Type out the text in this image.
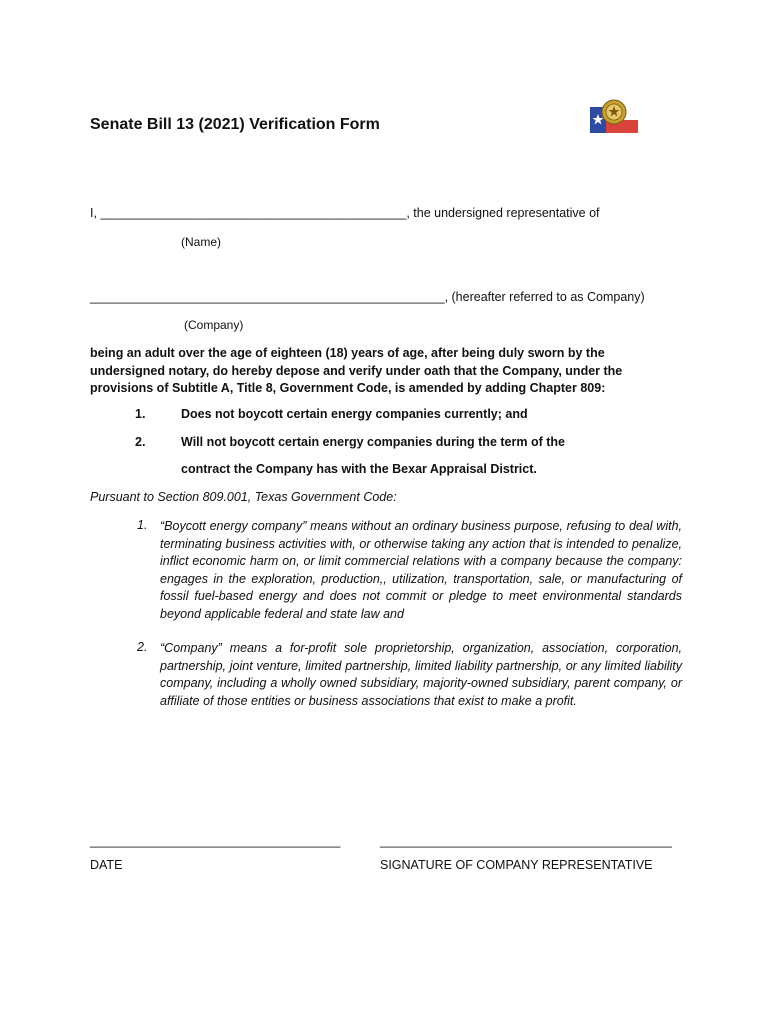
Senate Bill 13 (2021) Verification Form
I, ____________________________________________, the undersigned representative of
(Name)
___________________________________________________, (hereafter referred to as Company)
(Company)
being an adult over the age of eighteen (18) years of age, after being duly sworn by the undersigned notary, do hereby depose and verify under oath that the Company, under the provisions of Subtitle A, Title 8, Government Code, is amended by adding Chapter 809:
1.	Does not boycott certain energy companies currently; and
2.	Will not boycott certain energy companies during the term of the
contract the Company has with the Bexar Appraisal District.
Pursuant to Section 809.001, Texas Government Code:
1. “Boycott energy company” means without an ordinary business purpose, refusing to deal with, terminating business activities with, or otherwise taking any action that is intended to penalize, inflict economic harm on, or limit commercial relations with a company because the company: engages in the exploration, production,, utilization, transportation, sale, or manufacturing of fossil fuel-based energy and does not commit or pledge to meet environmental standards beyond applicable federal and state law and
2. “Company” means a for-profit sole proprietorship, organization, association, corporation, partnership, joint venture, limited partnership, limited liability partnership, or any limited liability company, including a wholly owned subsidiary, majority-owned subsidiary, parent company, or affiliate of those entities or business associations that exist to make a profit.
____________________________________	__________________________________________
DATE	SIGNATURE OF COMPANY REPRESENTATIVE
